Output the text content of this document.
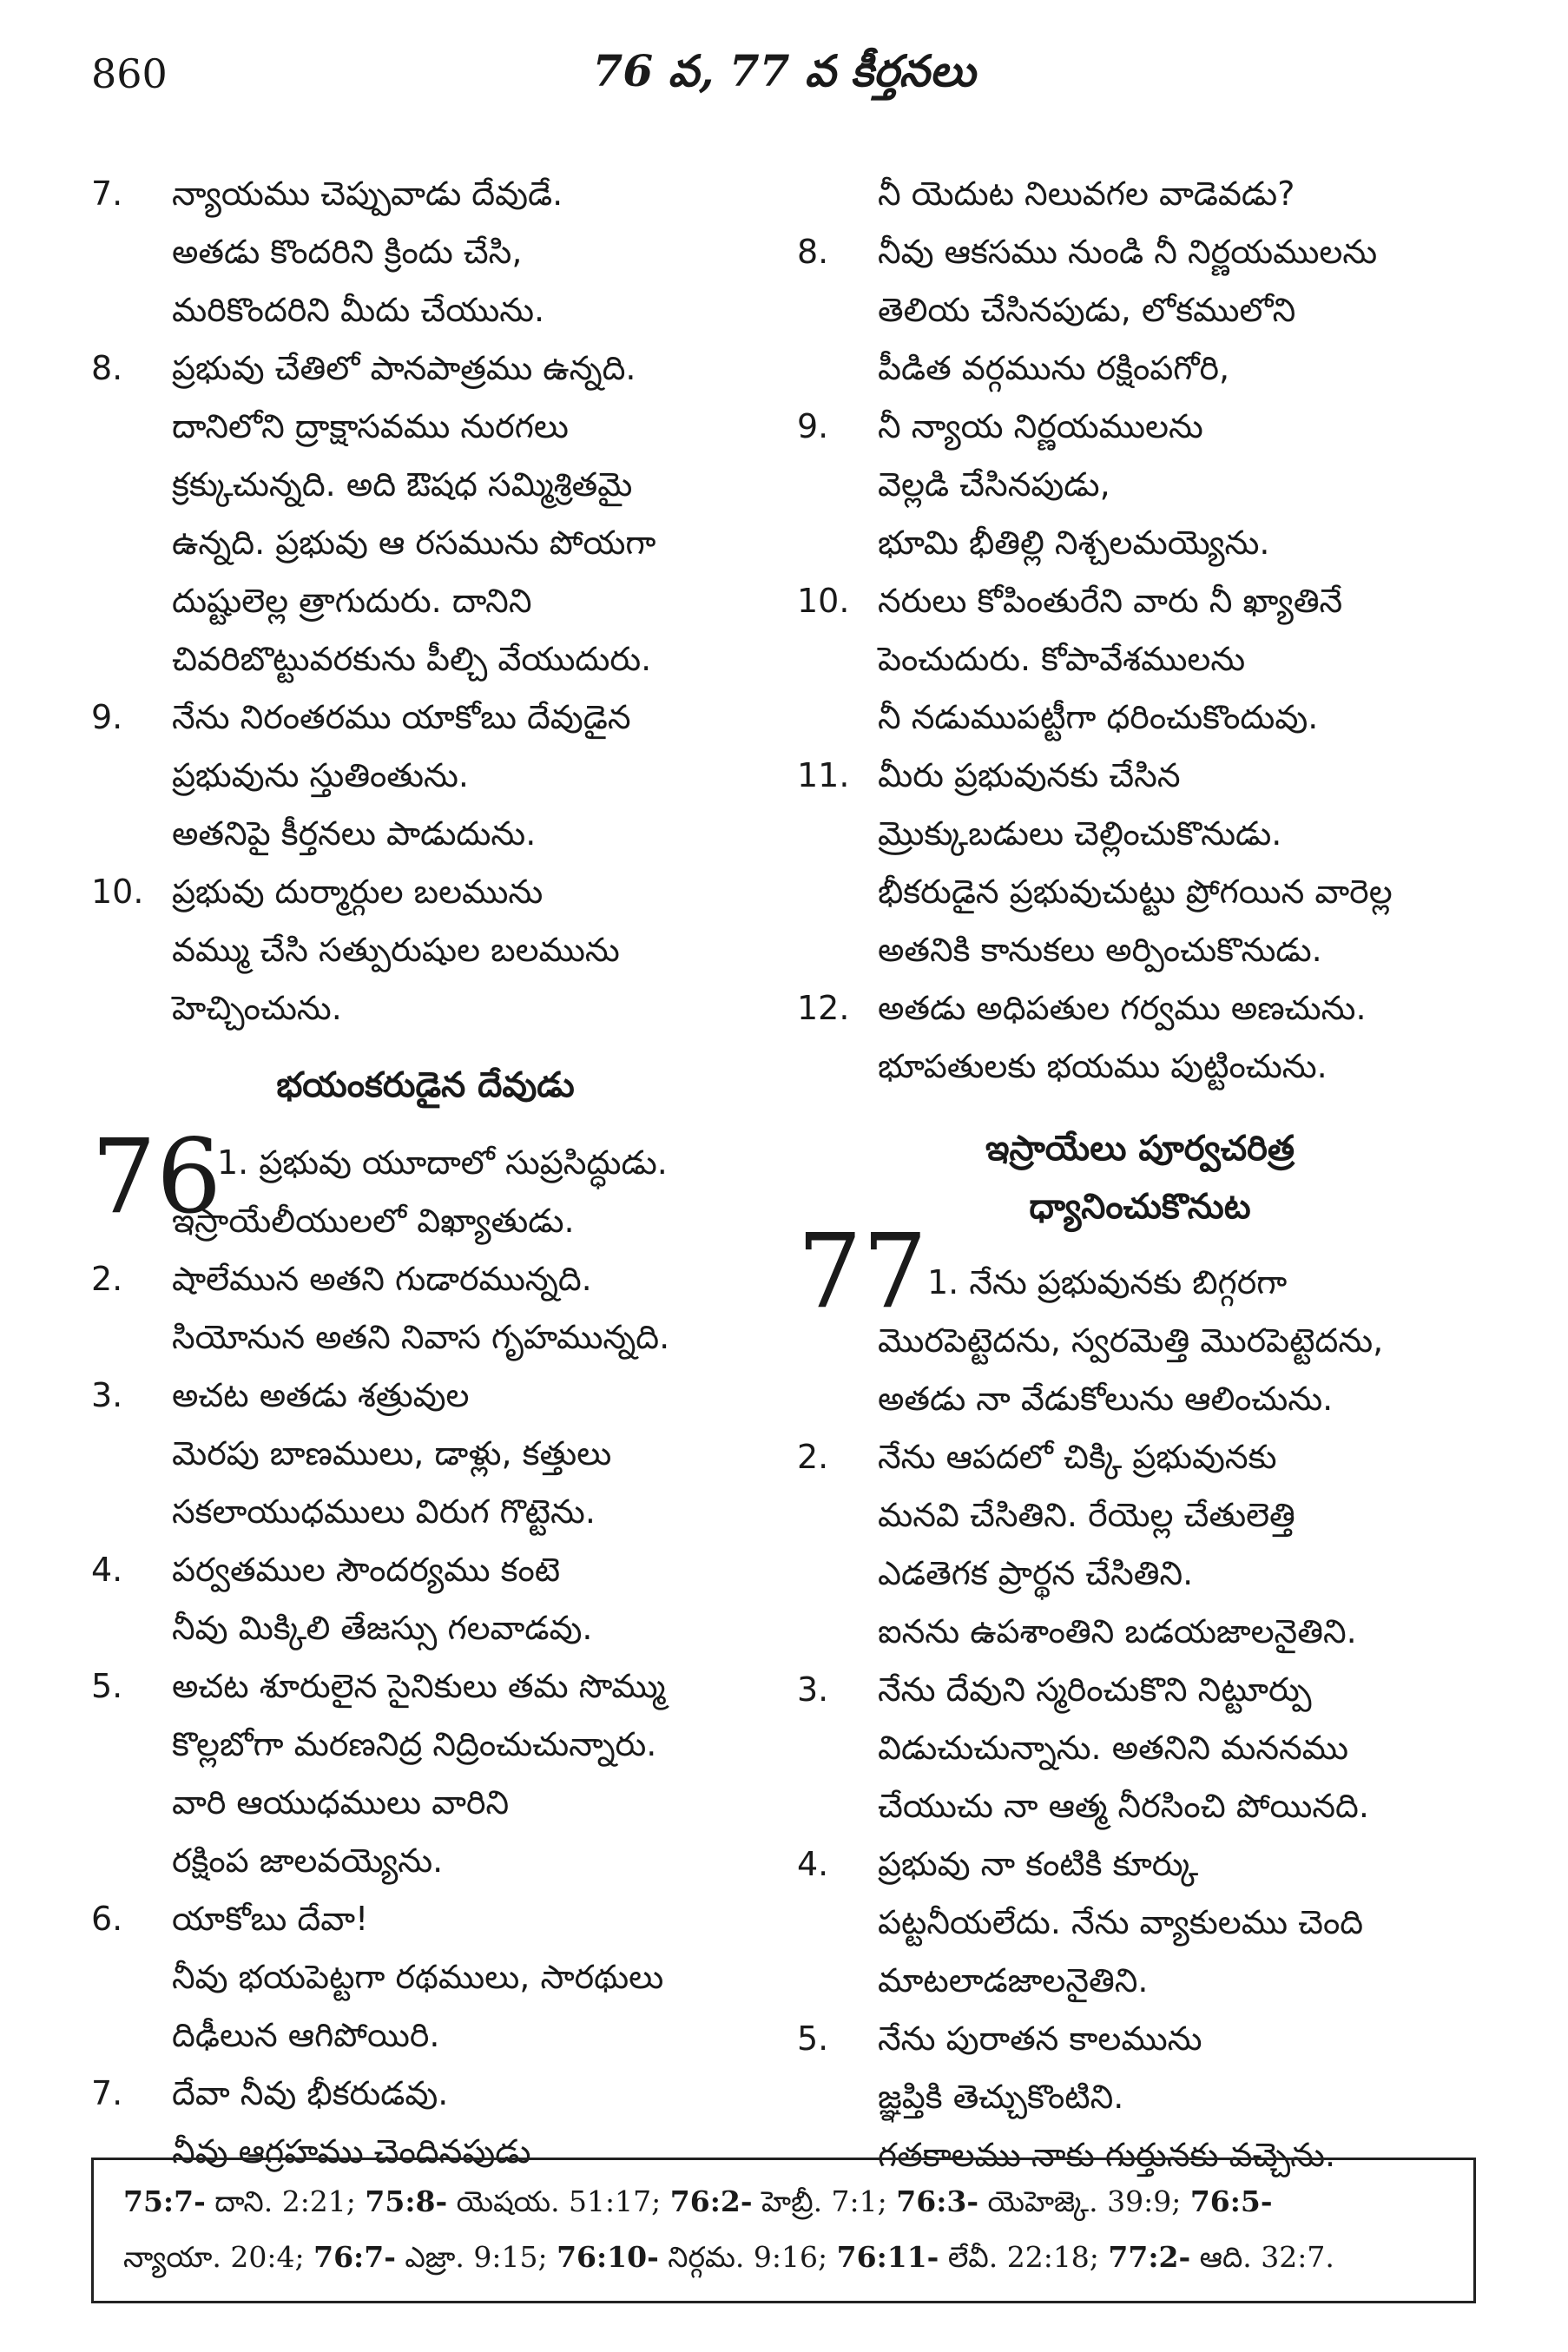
860	76 వ, 77 వ కీర్తనలు
7. న్యాయము చెప్పువాడు దేవుడే.
అతడు కొందరిని క్రిందు చేసి,
మరికొందరిని మీదు చేయును.
8. ప్రభువు చేతిలో పానపాత్రము ఉన్నది.
దానిలోని ద్రాక్షాసవము నురగలు
క్రక్కుచున్నది. అది ఔషధ సమ్మిశ్రితమై
ఉన్నది. ప్రభువు ఆ రసమును పోయగా
దుష్టులెల్ల త్రాగుదురు. దానిని
చివరిబొట్టువరకును పీల్చి వేయుదురు.
9. నేను నిరంతరము యాకోబు దేవుడైన
ప్రభువును స్తుతింతును.
అతనిపై కీర్తనలు పాడుదును.
10. ప్రభువు దుర్మార్గుల బలమును
వమ్ము చేసి సత్పురుషుల బలమును
హెచ్చించును.
భయంకరుడైన దేవుడు
76
1. ప్రభువు యూదాలో సుప్రసిద్ధుడు.
ఇస్రాయేలీయులలో విఖ్యాతుడు.
2. షాలేమున అతని గుడారమున్నది.
సియోనున అతని నివాస గృహమున్నది.
3. అచట అతడు శత్రువుల
మెరపు బాణములు, డాళ్లు, కత్తులు
సకలాయుధములు విరుగ గొట్టెను.
4. పర్వతముల సౌందర్యము కంటె
నీవు మిక్కిలి తేజస్సు గలవాడవు.
5. అచట శూరులైన సైనికులు తమ సొమ్ము
కొల్లబోగా మరణనిద్ర నిద్రించుచున్నారు.
వారి ఆయుధములు వారిని
రక్షింప జాలవయ్యెను.
6. యాకోబు దేవా!
నీవు భయపెట్టగా రథములు, సారథులు
దిఢీలున ఆగిపోయిరి.
7. దేవా నీవు భీకరుడవు.
నీవు ఆగ్రహము చెందినపుడు
నీ యెదుట నిలువగల వాడెవడు?
8. నీవు ఆకసము నుండి నీ నిర్ణయములను
తెలియ చేసినపుడు, లోకములోని
పీడిత వర్గమును రక్షింపగోరి,
9. నీ న్యాయ నిర్ణయములను
వెల్లడి చేసినపుడు,
భూమి భీతిల్లి నిశ్చలమయ్యెను.
10. నరులు కోపింతురేని వారు నీ ఖ్యాతినే
పెంచుదురు. కోపావేశములను
నీ నడుముపట్టీగా ధరించుకొందువు.
11. మీరు ప్రభువునకు చేసిన
మ్రొక్కుబడులు చెల్లించుకొనుడు.
భీకరుడైన ప్రభువుచుట్టు ప్రోగయిన వారెల్ల
అతనికి కానుకలు అర్పించుకొనుడు.
12. అతడు అధిపతుల గర్వము అణచును.
భూపతులకు భయము పుట్టించును.
ఇస్రాయేలు పూర్వచరిత్ర
ధ్యానించుకొనుట
77 1. నేను ప్రభువునకు బిగ్గరగా
మొరపెట్టెదను, స్వరమెత్తి మొరపెట్టెదను,
అతడు నా వేడుకోలును ఆలించును.
2. నేను ఆపదలో చిక్కి ప్రభువునకు
మనవి చేసితిని. రేయెల్ల చేతులెత్తి
ఎడతెగక ప్రార్థన చేసితిని.
ఐనను ఉపశాంతిని బడయజాలనైతిని.
3. నేను దేవుని స్మరించుకొని నిట్టూర్పు
విడుచుచున్నాను. అతనిని మననము
చేయుచు నా ఆత్మ నీరసించి పోయినది.
4. ప్రభువు నా కంటికి కూర్కు
పట్టనీయలేదు. నేను వ్యాకులము చెంది
మాటలాడజాలనైతిని.
5. నేను పురాతన కాలమును
జ్ఞప్తికి తెచ్చుకొంటిని.
గతకాలము నాకు గుర్తునకు వచ్చెను.
75:7- దాని. 2:21; 75:8- యెషయ. 51:17; 76:2- హెబ్రీ. 7:1; 76:3- యెహెజ్కె. 39:9; 76:5-
న్యాయా. 20:4; 76:7- ఎజ్రా. 9:15; 76:10- నిర్గమ. 9:16; 76:11- లేవీ. 22:18; 77:2- ఆది. 32:7.
